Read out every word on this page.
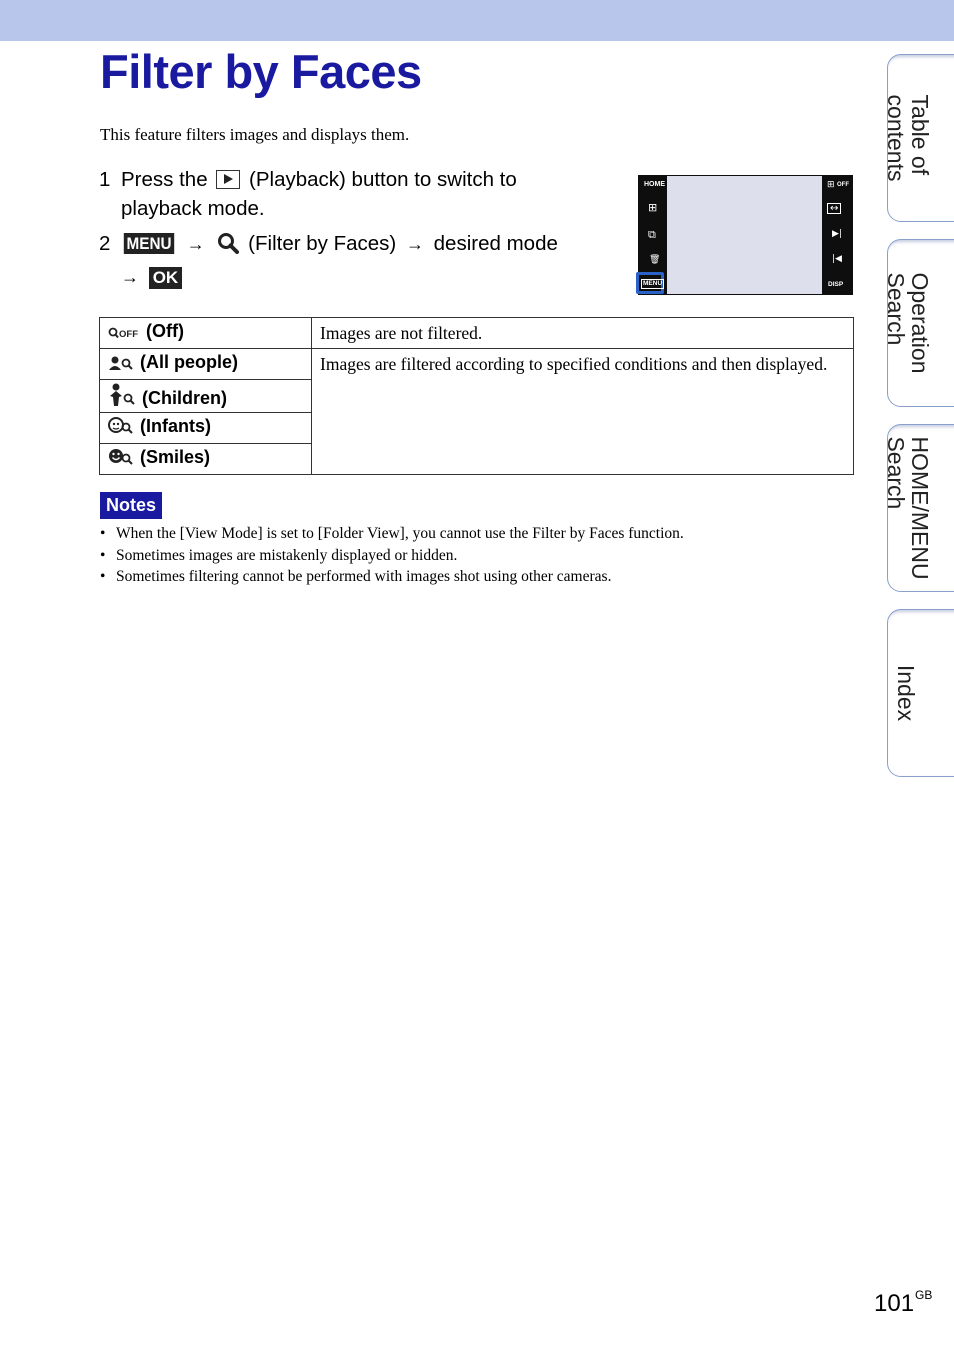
Filter by Faces
This feature filters images and displays them.
1 Press the (Playback) button to switch to
playback mode.
2 MENU → (Filter by Faces) → desired mode
→ OK
HOME
⊞
⧉
🗑
MENU
⊞ OFF
↔
▶|
|◀
DISP
OFF (Off)	Images are not filtered.

(All people)	Images are filtered according to specified conditions and then displayed.

(Children)	

(Infants)	

(Smiles)	
Notes
• When the [View Mode] is set to [Folder View], you cannot use the Filter by Faces function.
• Sometimes images are mistakenly displayed or hidden.
• Sometimes filtering cannot be performed with images shot using other cameras.
Table of
contents
Operation
Search
HOME/MENU
Search
Index
$101^{GB}$
